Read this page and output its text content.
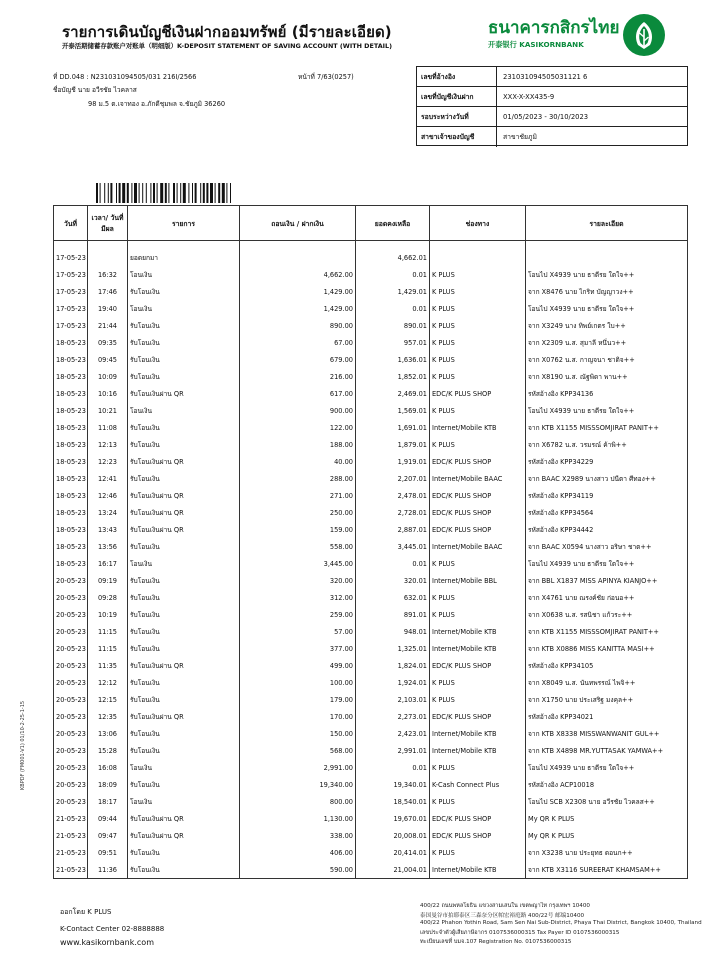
รายการเดินบัญชีเงินฝากออมทรัพย์ (มีรายละเอียด)
开泰活期储蓄存款账户对账单（明细版）K-DEPOSIT STATEMENT OF SAVING ACCOUNT (WITH DETAIL)
ธนาคารกสิกรไทย
开泰银行 KASIKORNBANK
ที่ DD.048 : N231031094505/031 216I/2566	หน้าที่ 7/63(0257)
ชื่อบัญชี นาย อวีรชัย ไวคลาส
98 ม.5 ต.เจาทอง อ.ภักดีชุมพล จ.ชัยภูมิ 36260
เลขที่อ้างอิง	231031094505031121 6
เลขที่บัญชีเงินฝาก	XXX-X-XX435-9
รอบระหว่างวันที่	01/05/2023 - 30/10/2023
สาขาเจ้าของบัญชี	สาขาชัยภูมิ
วันที่	เวลา/ วันที่มีผล	รายการ	ถอนเงิน / ฝากเงิน	ยอดคงเหลือ	ช่องทาง	รายละเอียด

17-05-23		ยอดยกมา		4,662.01		
17-05-23	16:32	โอนเงิน	4,662.00	0.01	K PLUS	โอนไป X4939 นาย ธาตีรย ใตใจ++
17-05-23	17:46	รับโอนเงิน	1,429.00	1,429.01	K PLUS	จาก X8476 นาย ไกริท บัญญาวง++
17-05-23	19:40	โอนเงิน	1,429.00	0.01	K PLUS	โอนไป X4939 นาย ธาตีรย ใตใจ++
17-05-23	21:44	รับโอนเงิน	890.00	890.01	K PLUS	จาก X3249 นาง ทิพย์เกตร ใบ++
18-05-23	09:35	รับโอนเงิน	67.00	957.01	K PLUS	จาก X2309 น.ส. สุมาลี หนึ่นว++
18-05-23	09:45	รับโอนเงิน	679.00	1,636.01	K PLUS	จาก X0762 น.ส. กาญจนา ชาติจ++
18-05-23	10:09	รับโอนเงิน	216.00	1,852.01	K PLUS	จาก X8190 น.ส. ณัฐพิดา พาน++
18-05-23	10:16	รับโอนเงินผ่าน QR	617.00	2,469.01	EDC/K PLUS SHOP	รหัสอ้างอิง KPP34136
18-05-23	10:21	โอนเงิน	900.00	1,569.01	K PLUS	โอนไป X4939 นาย ธาตีรย ใตใจ++
18-05-23	11:08	รับโอนเงิน	122.00	1,691.01	Internet/Mobile KTB	จาก KTB X1155 MISSSOMJIRAT PANIT++
18-05-23	12:13	รับโอนเงิน	188.00	1,879.01	K PLUS	จาก X6782 น.ส. วรมรณ์ ค้าพิ++
18-05-23	12:23	รับโอนเงินผ่าน QR	40.00	1,919.01	EDC/K PLUS SHOP	รหัสอ้างอิง KPP34229
18-05-23	12:41	รับโอนเงิน	288.00	2,207.01	Internet/Mobile BAAC	จาก BAAC X2989 นางสาว ปนีตา ศีทอง++
18-05-23	12:46	รับโอนเงินผ่าน QR	271.00	2,478.01	EDC/K PLUS SHOP	รหัสอ้างอิง KPP34119
18-05-23	13:24	รับโอนเงินผ่าน QR	250.00	2,728.01	EDC/K PLUS SHOP	รหัสอ้างอิง KPP34564
18-05-23	13:43	รับโอนเงินผ่าน QR	159.00	2,887.01	EDC/K PLUS SHOP	รหัสอ้างอิง KPP34442
18-05-23	13:56	รับโอนเงิน	558.00	3,445.01	Internet/Mobile BAAC	จาก BAAC X0594 นางสาว อริษา ชาต++
18-05-23	16:17	โอนเงิน	3,445.00	0.01	K PLUS	โอนไป X4939 นาย ธาตีรย ใตใจ++
20-05-23	09:19	รับโอนเงิน	320.00	320.01	Internet/Mobile BBL	จาก BBL X1837 MISS APINYA KIANJO++
20-05-23	09:28	รับโอนเงิน	312.00	632.01	K PLUS	จาก X4761 นาย ณรงค์ชัย ก่อนอ++
20-05-23	10:19	รับโอนเงิน	259.00	891.01	K PLUS	จาก X0638 น.ส. รสนิชา แก้วระ++
20-05-23	11:15	รับโอนเงิน	57.00	948.01	Internet/Mobile KTB	จาก KTB X1155 MISSSOMJIRAT PANIT++
20-05-23	11:15	รับโอนเงิน	377.00	1,325.01	Internet/Mobile KTB	จาก KTB X0886 MISS KANITTA MASI++
20-05-23	11:35	รับโอนเงินผ่าน QR	499.00	1,824.01	EDC/K PLUS SHOP	รหัสอ้างอิง KPP34105
20-05-23	12:12	รับโอนเงิน	100.00	1,924.01	K PLUS	จาก X8049 น.ส. นันทพรรณ์ ไพจิ++
20-05-23	12:15	รับโอนเงิน	179.00	2,103.01	K PLUS	จาก X1750 นาย ประเสริฐ มงคุล++
20-05-23	12:35	รับโอนเงินผ่าน QR	170.00	2,273.01	EDC/K PLUS SHOP	รหัสอ้างอิง KPP34021
20-05-23	13:06	รับโอนเงิน	150.00	2,423.01	Internet/Mobile KTB	จาก KTB X8338 MISSWANWANIT GUL++
20-05-23	15:28	รับโอนเงิน	568.00	2,991.01	Internet/Mobile KTB	จาก KTB X4898 MR.YUTTASAK YAMWA++
20-05-23	16:08	โอนเงิน	2,991.00	0.01	K PLUS	โอนไป X4939 นาย ธาตีรย ใตใจ++
20-05-23	18:09	รับโอนเงิน	19,340.00	19,340.01	K-Cash Connect Plus	รหัสอ้างอิง ACP10018
20-05-23	18:17	โอนเงิน	800.00	18,540.01	K PLUS	โอนไป SCB X2308 นาย อวีรชัย ไวคลส++
21-05-23	09:44	รับโอนเงินผ่าน QR	1,130.00	19,670.01	EDC/K PLUS SHOP	My QR K PLUS
21-05-23	09:47	รับโอนเงินผ่าน QR	338.00	20,008.01	EDC/K PLUS SHOP	My QR K PLUS
21-05-23	09:51	รับโอนเงิน	406.00	20,414.01	K PLUS	จาก X3238 นาย ประยุทธ ดอนก++
21-05-23	11:36	รับโอนเงิน	590.00	21,004.01	Internet/Mobile KTB	จาก KTB X3116 SUREERAT KHAMSAM++
ออกโดย K PLUS
K-Contact Center 02-8888888
www.kasikornbank.com
400/22 ถนนพหลโยธิน แขวงสามเสนใน เขตพญาไท กรุงเทพฯ 10400
泰国曼谷市拍耶泰区三森奈分区帕宏裕庭路 400/22号 邮编10400
400/22 Phahon Yothin Road, Sam Sen Nai Sub-District, Phaya Thai District, Bangkok 10400, Thailand
เลขประจำตัวผู้เสียภาษีอากร 0107536000315 Tax Payer ID 0107536000315
ทะเบียนเลขที่ บมจ.107 Registration No. 0107536000315
KBPDF (FM001-V1) 01/10-2-25-1-15
